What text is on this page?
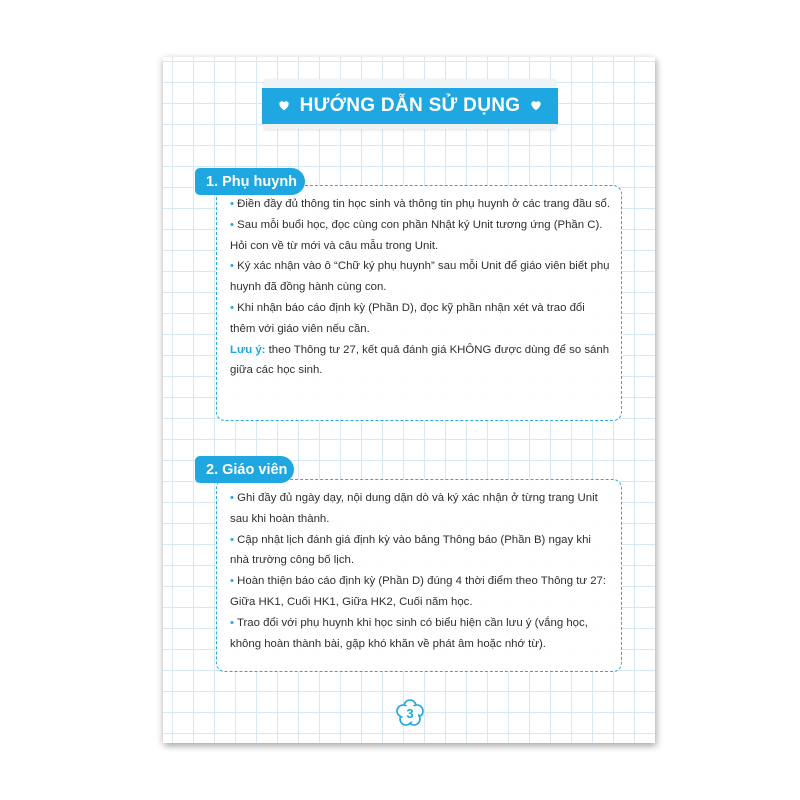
HƯỚNG DẪN SỬ DỤNG

• Điền đầy đủ thông tin học sinh và thông tin phụ huynh ở các trang đầu sổ.

• Sau mỗi buổi học, đọc cùng con phần Nhật ký Unit tương ứng (Phần C). Hỏi con về từ mới và câu mẫu trong Unit.

• Ký xác nhận vào ô “Chữ ký phụ huynh” sau mỗi Unit để giáo viên biết phụ huynh đã đồng hành cùng con.

• Khi nhận báo cáo định kỳ (Phần D), đọc kỹ phần nhận xét và trao đổi thêm với giáo viên nếu cần.

Lưu ý: theo Thông tư 27, kết quả đánh giá KHÔNG được dùng để so sánh giữa các học sinh.

1. Phụ huynh

• Ghi đầy đủ ngày dạy, nội dung dặn dò và ký xác nhận ở từng trang Unit sau khi hoàn thành.

• Cập nhật lịch đánh giá định kỳ vào bảng Thông báo (Phần B) ngay khi nhà trường công bố lịch.

• Hoàn thiện báo cáo định kỳ (Phần D) đúng 4 thời điểm theo Thông tư 27: Giữa HK1, Cuối HK1, Giữa HK2, Cuối năm học.

• Trao đổi với phụ huynh khi học sinh có biểu hiện cần lưu ý (vắng học, không hoàn thành bài, gặp khó khăn về phát âm hoặc nhớ từ).

2. Giáo viên
3
